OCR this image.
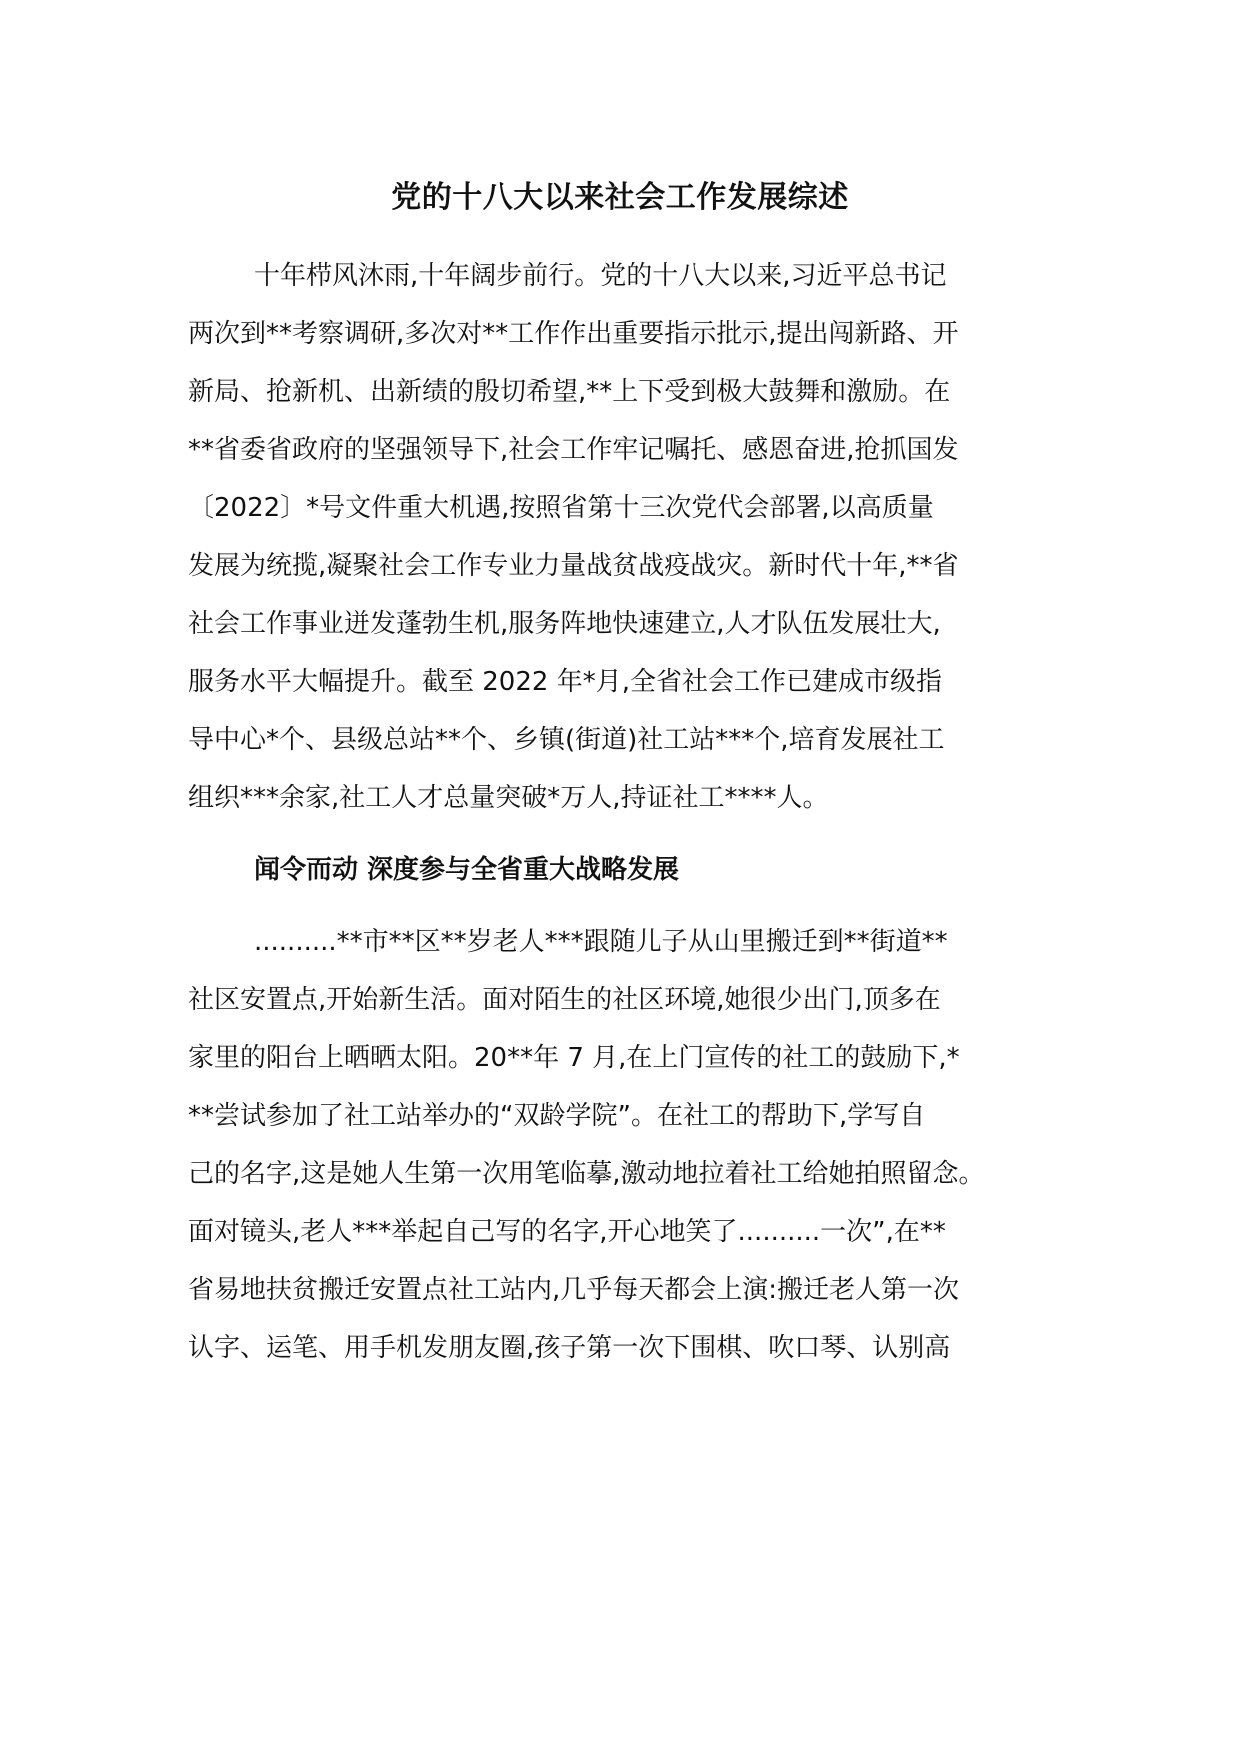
党的十八大以来社会工作发展综述

十年栉风沐雨,十年阔步前行。党的十八大以来,习近平总书记

两次到**考察调研,多次对**工作作出重要指示批示,提出闯新路、开

新局、抢新机、出新绩的殷切希望,**上下受到极大鼓舞和激励。在

**省委省政府的坚强领导下,社会工作牢记嘱托、感恩奋进,抢抓国发

〔2022〕*号文件重大机遇,按照省第十三次党代会部署,以高质量

发展为统揽,凝聚社会工作专业力量战贫战疫战灾。新时代十年,**省

社会工作事业迸发蓬勃生机,服务阵地快速建立,人才队伍发展壮大,

服务水平大幅提升。截至 2022 年*月,全省社会工作已建成市级指

导中心*个、县级总站**个、乡镇(街道)社工站***个,培育发展社工

组织***余家,社工人才总量突破*万人,持证社工****人。

闻令而动 深度参与全省重大战略发展

..........**市**区**岁老人***跟随儿子从山里搬迁到**街道**

社区安置点,开始新生活。面对陌生的社区环境,她很少出门,顶多在

家里的阳台上晒晒太阳。20**年 7 月,在上门宣传的社工的鼓励下,*

**尝试参加了社工站举办的“双龄学院”。在社工的帮助下,学写自

己的名字,这是她人生第一次用笔临摹,激动地拉着社工给她拍照留念。

面对镜头,老人***举起自己写的名字,开心地笑了..........一次”,在**

省易地扶贫搬迁安置点社工站内,几乎每天都会上演:搬迁老人第一次

认字、运笔、用手机发朋友圈,孩子第一次下围棋、吹口琴、认别高
